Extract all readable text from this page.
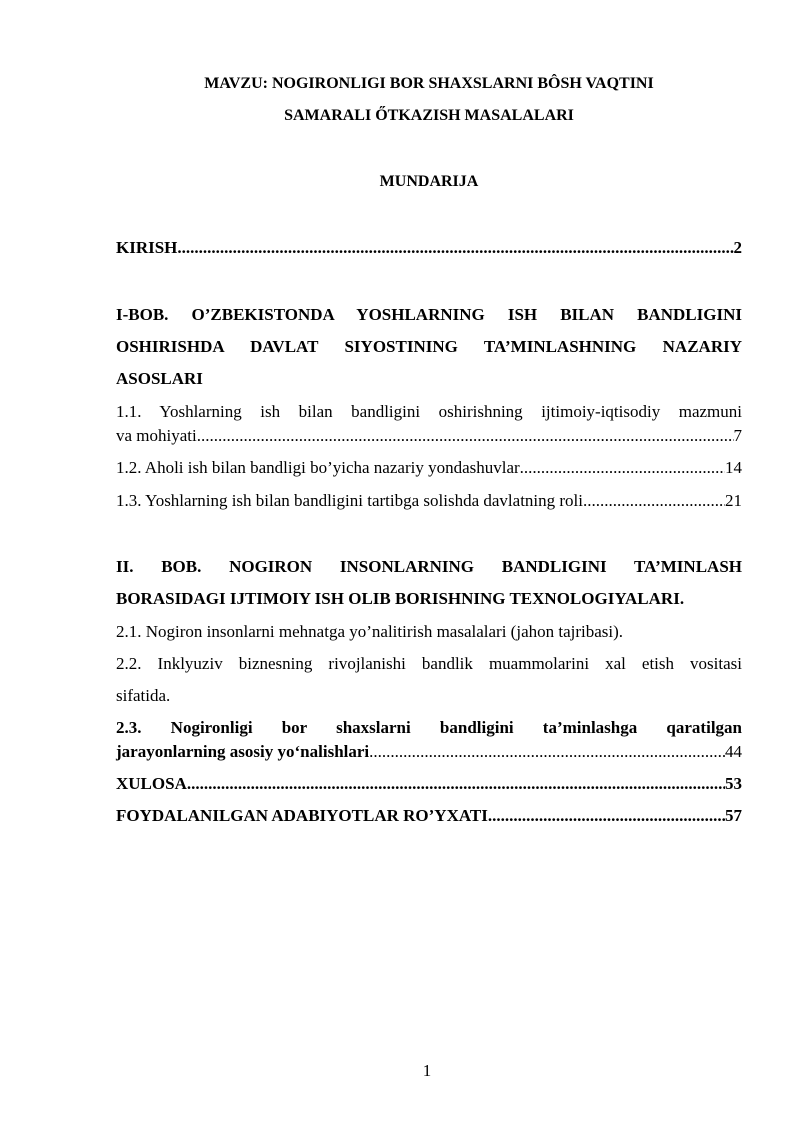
MAVZU: NOGIRONLIGI BOR SHAXSLARNI BÔSH VAQTINI
SAMARALI ŐTKAZISH MASALALARI
MUNDARIJA
KIRISH .....	2
I-BOB. O’ZBEKISTONDA YOSHLARNING ISH BILAN BANDLIGINI
OSHIRISHDA DAVLAT SIYOSTINING TA’MINLASHNING NAZARIY
ASOSLARI
1.1. Yoshlarning ish bilan bandligini oshirishning ijtimoiy-iqtisodiy mazmuni
va mohiyati .....	7
1.2. Aholi ish bilan bandligi bo’yicha nazariy yondashuvlar .....	14
1.3. Yoshlarning ish bilan bandligini tartibga solishda davlatning roli .....	21
II. BOB. NOGIRON INSONLARNING BANDLIGINI TA’MINLASH
BORASIDAGI IJTIMOIY ISH OLIB BORISHNING TEXNOLOGIYALARI.
2.1. Nogiron insonlarni mehnatga yo’nalitirish masalalari (jahon tajribasi).
2.2. Inklyuziv biznesning rivojlanishi bandlik muammolarini xal etish vositasi
sifatida.
2.3. Nogironligi bor shaxslarni bandligini ta’minlashga qaratilgan
jarayonlarning asosiy yo‘nalishlari .....	44
XULOSA .....	53
FOYDALANILGAN ADABIYOTLAR RO’YXATI .....	57
1
